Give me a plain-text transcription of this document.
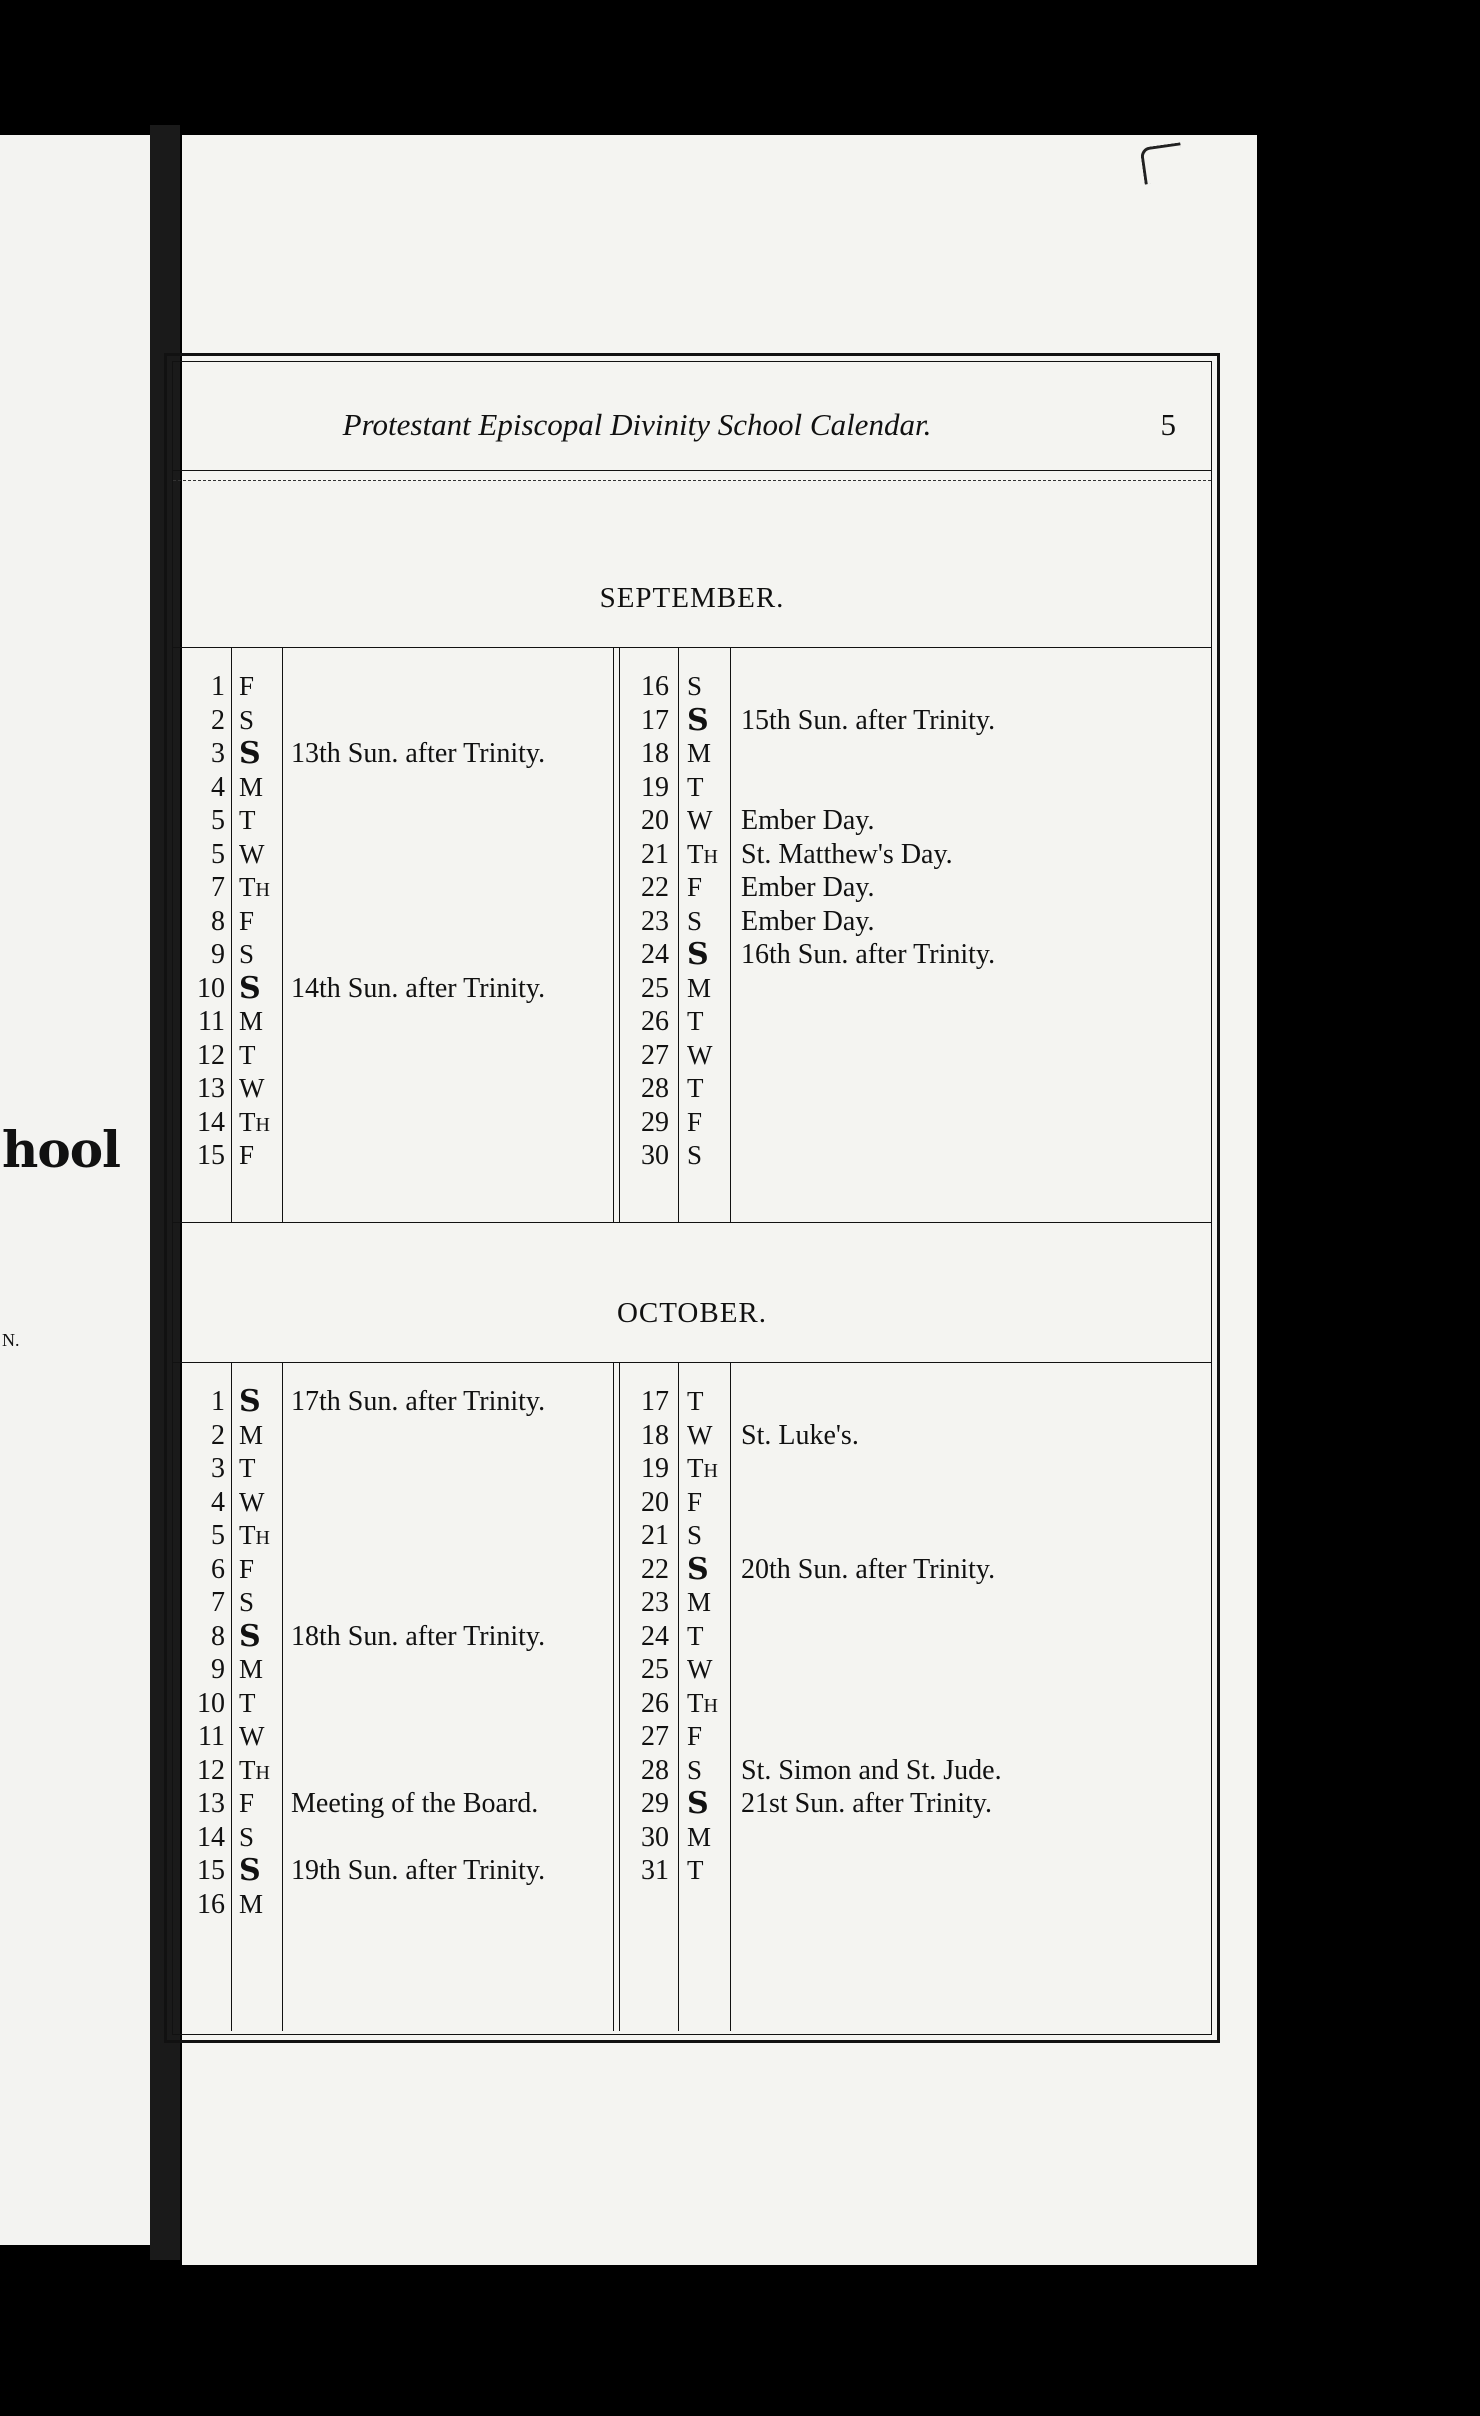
hool
N.
Protestant Episcopal Divinity School Calendar.	5
SEPTEMBER.
1 F
2 S
3 S 13th Sun. after Trinity.
4 M
5 T
5 W
7 TH
8 F
9 S
10 S 14th Sun. after Trinity.
11 M
12 T
13 W
14 TH
15 F
16 S
17 S 15th Sun. after Trinity.
18 M
19 T
20 W Ember Day.
21 TH St. Matthew's Day.
22 F Ember Day.
23 S Ember Day.
24 S 16th Sun. after Trinity.
25 M
26 T
27 W
28 T
29 F
30 S
OCTOBER.
1 S 17th Sun. after Trinity.
2 M
3 T
4 W
5 TH
6 F
7 S
8 S 18th Sun. after Trinity.
9 M
10 T
11 W
12 TH
13 F Meeting of the Board.
14 S
15 S 19th Sun. after Trinity.
16 M
17 T
18 W St. Luke's.
19 TH
20 F
21 S
22 S 20th Sun. after Trinity.
23 M
24 T
25 W
26 TH
27 F
28 S St. Simon and St. Jude.
29 S 21st Sun. after Trinity.
30 M
31 T
